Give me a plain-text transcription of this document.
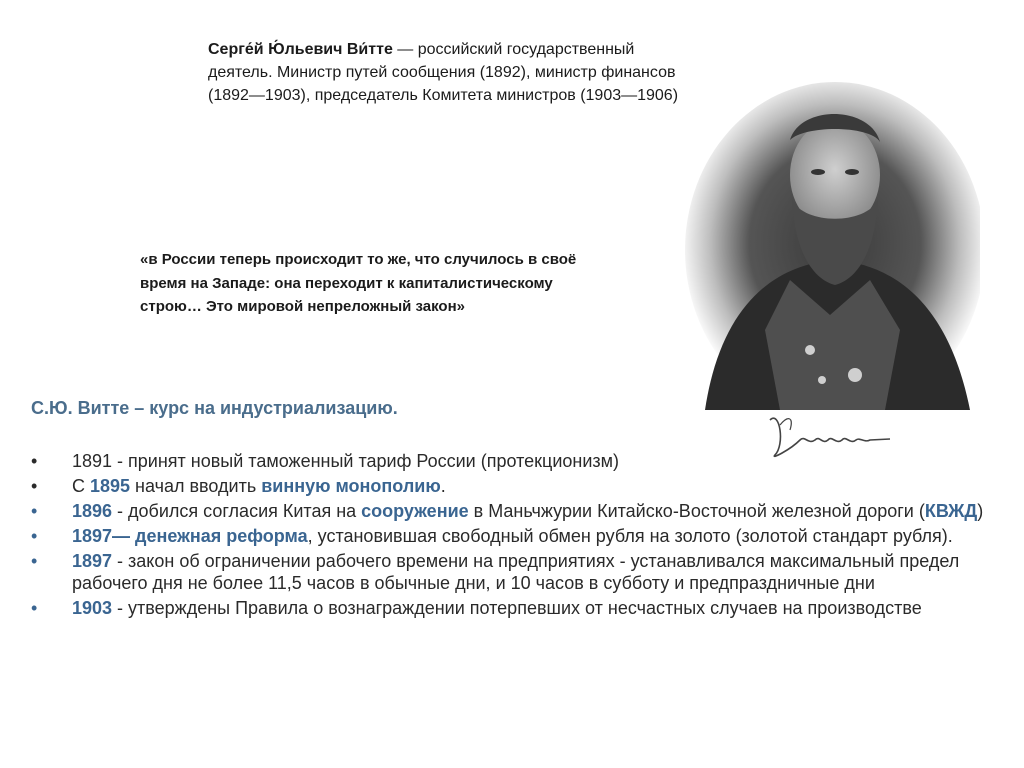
Серге́й Ю́льевич Ви́тте — российский государственный деятель. Министр путей сообщения (1892), министр финансов (1892—1903), председатель Комитета министров (1903—1906)
«в России теперь происходит то же, что случилось в своё время на Западе: она переходит к капиталистическому строю… Это мировой непреложный закон»
С.Ю. Витте – курс на индустриализацию.
•	1891 - принят новый таможенный тариф России (протекционизм)
•	С 1895 начал вводить винную монополию.
•	1896 - добился согласия Китая на сооружение в Маньчжурии Китайско-Восточной железной дороги (КВЖД)
•	1897— денежная реформа, установившая свободный обмен рубля на золото (золотой стандарт рубля).
•	1897 - закон об ограничении рабочего времени на предприятиях - устанавливался максимальный предел рабочего дня не более 11,5 часов в обычные дни, и 10 часов в субботу и предпраздничные дни
•	1903 - утверждены Правила о вознаграждении потерпевших от несчастных случаев на производстве
